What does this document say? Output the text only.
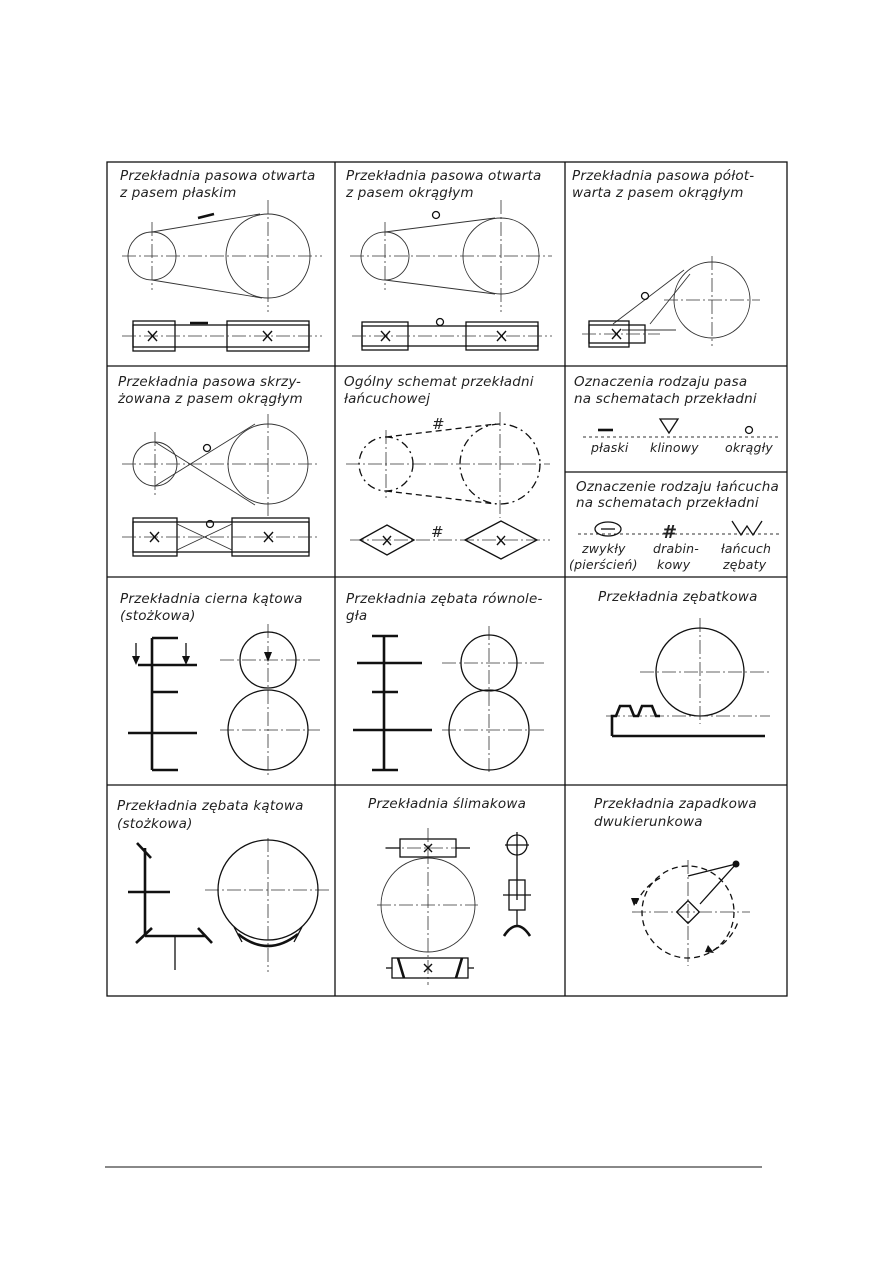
Przekładnia pasowa otwarta
z pasem płaskim
Przekładnia pasowa otwarta
z pasem okrągłym
Przekładnia pasowa półot-
warta z pasem okrągłym
Przekładnia pasowa skrzy-
żowana z pasem okrągłym
Ogólny schemat przekładni
łańcuchowej
Oznaczenia rodzaju pasa
na schematach przekładni
Oznaczenie rodzaju łańcucha
na schematach przekładni
Przekładnia cierna kątowa
(stożkowa)
Przekładnia zębata równole-
gła
Przekładnia zębatkowa
Przekładnia zębata kątowa
(stożkowa)
Przekładnia ślimakowa	Przekładnia zapadkowa
dwukierunkowa
#
#
płaski klinowy okrągły
#
zwykły
(pierścień)
drabin-
kowy
łańcuch
zębaty
